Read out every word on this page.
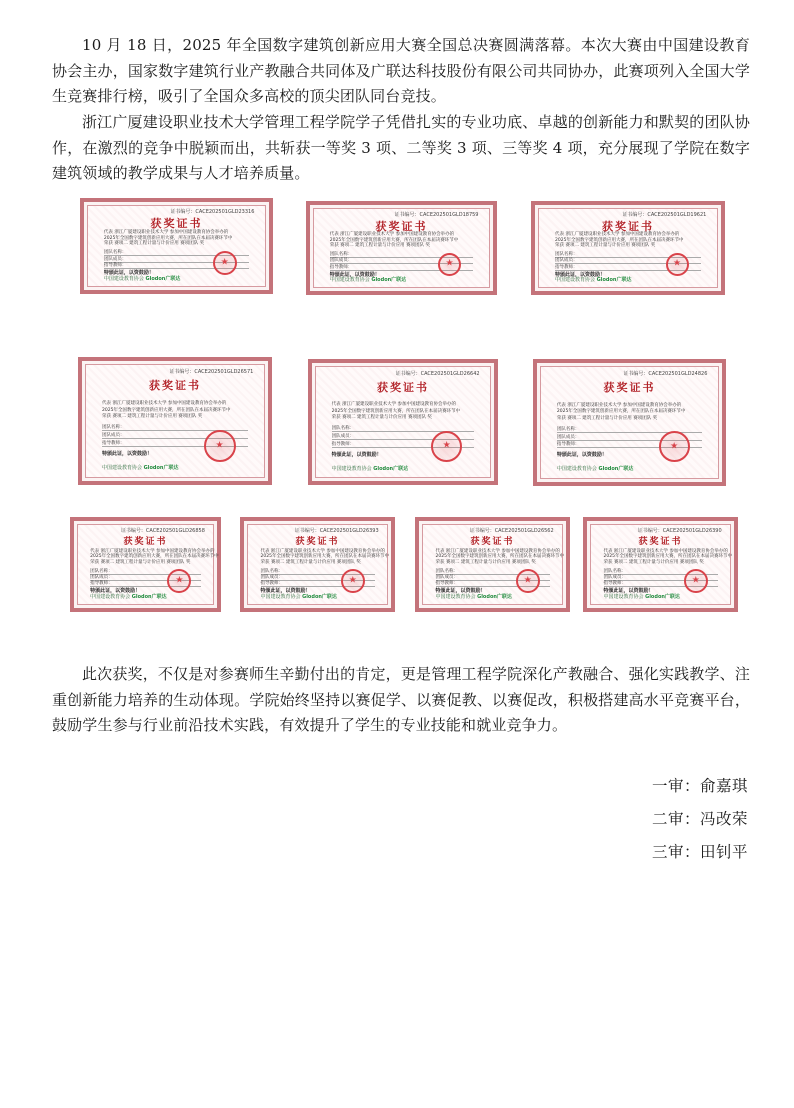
10 月 18 日，2025 年全国数字建筑创新应用大赛全国总决赛圆满落幕。本次大赛由中国建设教育协会主办，国家数字建筑行业产教融合共同体及广联达科技股份有限公司共同协办，此赛项列入全国大学生竞赛排行榜，吸引了全国众多高校的顶尖团队同台竞技。

浙江广厦建设职业技术大学管理工程学院学子凭借扎实的专业功底、卓越的创新能力和默契的团队协作，在激烈的竞争中脱颖而出，共斩获一等奖 3 项、二等奖 3 项、三等奖 4 项，充分展现了学院在数字建筑领域的教学成果与人才培养质量。

证书编号：CACE202501GLD23316
获奖证书
代表 浙江广厦建设职业技术大学 参加中国建设教育协会举办的
2025年全国数字建筑创新应用大赛，所在团队在本届决赛环节中
荣获 赛项二 建筑工程计量与计价应用 赛项团队 奖
团队名称：
团队成员：
指导教师：
特颁此证，以资鼓励！
★
中国建设教育协会 Glodon广联达
证书编号：CACE202501GLD18759
获奖证书
代表 浙江广厦建设职业技术大学 参加中国建设教育协会举办的
2025年全国数字建筑创新应用大赛，所在团队在本届决赛环节中
荣获 赛项二 建筑工程计量与计价应用 赛项团队 奖
团队名称：
团队成员：
指导教师：
特颁此证，以资鼓励！
★
中国建设教育协会 Glodon广联达
证书编号：CACE202501GLD19621
获奖证书
代表 浙江广厦建设职业技术大学 参加中国建设教育协会举办的
2025年全国数字建筑创新应用大赛，所在团队在本届决赛环节中
荣获 赛项二 建筑工程计量与计价应用 赛项团队 奖
团队名称：
团队成员：
指导教师：
特颁此证，以资鼓励！
★
中国建设教育协会 Glodon广联达
证书编号：CACE202501GLD26571
获奖证书
代表 浙江广厦建设职业技术大学 参加中国建设教育协会举办的
2025年全国数字建筑创新应用大赛，所在团队在本届决赛环节中
荣获 赛项二 建筑工程计量与计价应用 赛项团队 奖
团队名称：
团队成员：
指导教师：
特颁此证，以资鼓励！
★
中国建设教育协会 Glodon广联达
证书编号：CACE202501GLD26642
获奖证书
代表 浙江广厦建设职业技术大学 参加中国建设教育协会举办的
2025年全国数字建筑创新应用大赛，所在团队在本届决赛环节中
荣获 赛项二 建筑工程计量与计价应用 赛项团队 奖
团队名称：
团队成员：
指导教师：
特颁此证，以资鼓励！
★
中国建设教育协会 Glodon广联达
证书编号：CACE202501GLD24826
获奖证书
代表 浙江广厦建设职业技术大学 参加中国建设教育协会举办的
2025年全国数字建筑创新应用大赛，所在团队在本届决赛环节中
荣获 赛项二 建筑工程计量与计价应用 赛项团队 奖
团队名称：
团队成员：
指导教师：
特颁此证，以资鼓励！
★
中国建设教育协会 Glodon广联达
证书编号：CACE202501GLD26858
获奖证书
代表 浙江广厦建设职业技术大学 参加中国建设教育协会举办的
2025年全国数字建筑创新应用大赛，所在团队在本届决赛环节中
荣获 赛项二 建筑工程计量与计价应用 赛项团队 奖
团队名称：
团队成员：
指导教师：
特颁此证，以资鼓励！
★
中国建设教育协会 Glodon广联达
证书编号：CACE202501GLD26393
获奖证书
代表 浙江广厦建设职业技术大学 参加中国建设教育协会举办的
2025年全国数字建筑创新应用大赛，所在团队在本届决赛环节中
荣获 赛项二 建筑工程计量与计价应用 赛项团队 奖
团队名称：
团队成员：
指导教师：
特颁此证，以资鼓励！
★
中国建设教育协会 Glodon广联达
证书编号：CACE202501GLD26562
获奖证书
代表 浙江广厦建设职业技术大学 参加中国建设教育协会举办的
2025年全国数字建筑创新应用大赛，所在团队在本届决赛环节中
荣获 赛项二 建筑工程计量与计价应用 赛项团队 奖
团队名称：
团队成员：
指导教师：
特颁此证，以资鼓励！
★
中国建设教育协会 Glodon广联达
证书编号：CACE202501GLD26390
获奖证书
代表 浙江广厦建设职业技术大学 参加中国建设教育协会举办的
2025年全国数字建筑创新应用大赛，所在团队在本届决赛环节中
荣获 赛项二 建筑工程计量与计价应用 赛项团队 奖
团队名称：
团队成员：
指导教师：
特颁此证，以资鼓励！
★
中国建设教育协会 Glodon广联达

此次获奖，不仅是对参赛师生辛勤付出的肯定，更是管理工程学院深化产教融合、强化实践教学、注重创新能力培养的生动体现。学院始终坚持以赛促学、以赛促教、以赛促改，积极搭建高水平竞赛平台，鼓励学生参与行业前沿技术实践，有效提升了学生的专业技能和就业竞争力。

一审：俞嘉琪

二审：冯改荣

三审：田钊平
